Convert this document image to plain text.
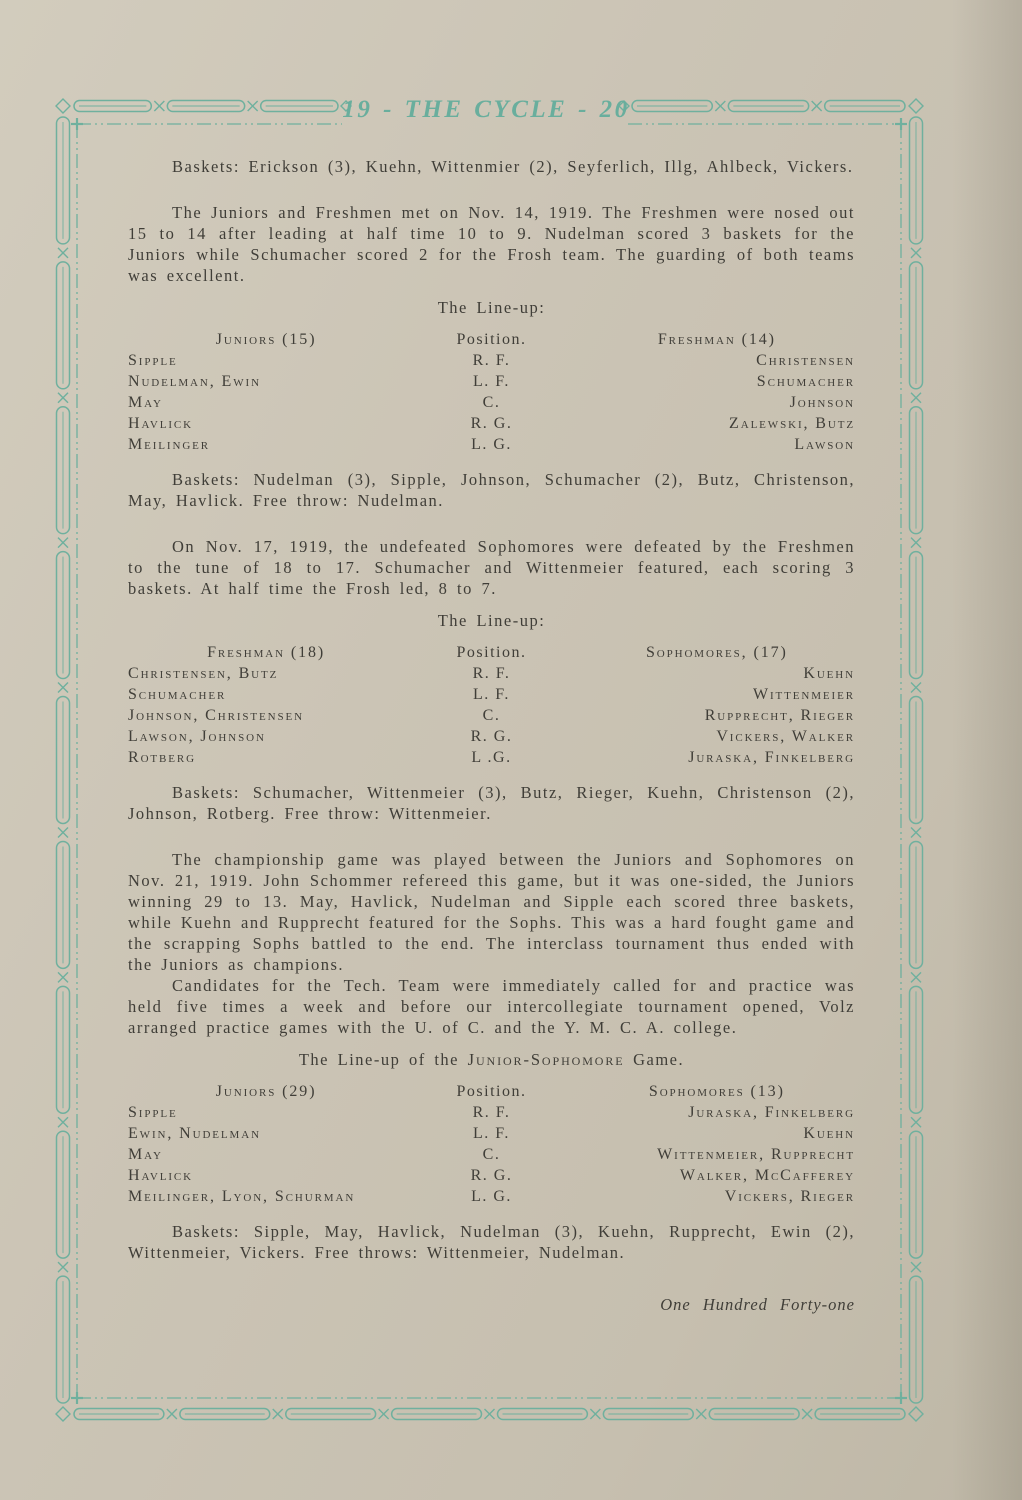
19 - THE CYCLE - 20

Baskets: Erickson (3), Kuehn, Wittenmier (2), Seyferlich, Illg, Ahlbeck, Vickers.

The Juniors and Freshmen met on Nov. 14, 1919. The Freshmen were nosed out 15 to 14 after leading at half time 10 to 9. Nudelman scored 3 baskets for the Juniors while Schumacher scored 2 for the Frosh team. The guarding of both teams was excellent.

The Line-up:
Juniors (15)	Position.	Freshman (14)
Sipple	R. F.	Christensen
Nudelman, Ewin	L. F.	Schumacher
May	C.	Johnson
Havlick	R. G.	Zalewski, Butz
Meilinger	L. G.	Lawson

Baskets: Nudelman (3), Sipple, Johnson, Schumacher (2), Butz, Christenson, May, Havlick. Free throw: Nudelman.

On Nov. 17, 1919, the undefeated Sophomores were defeated by the Freshmen to the tune of 18 to 17. Schumacher and Wittenmeier featured, each scoring 3 baskets. At half time the Frosh led, 8 to 7.

The Line-up:
Freshman (18)	Position.	Sophomores, (17)
Christensen, Butz	R. F.	Kuehn
Schumacher	L. F.	Wittenmeier
Johnson, Christensen	C.	Rupprecht, Rieger
Lawson, Johnson	R. G.	Vickers, Walker
Rotberg	L .G.	Juraska, Finkelberg

Baskets: Schumacher, Wittenmeier (3), Butz, Rieger, Kuehn, Christenson (2), Johnson, Rotberg. Free throw: Wittenmeier.

The championship game was played between the Juniors and Sophomores on Nov. 21, 1919. John Schommer refereed this game, but it was one-sided, the Juniors winning 29 to 13. May, Havlick, Nudelman and Sipple each scored three baskets, while Kuehn and Rupprecht featured for the Sophs. This was a hard fought game and the scrapping Sophs battled to the end. The interclass tournament thus ended with the Juniors as champions.

Candidates for the Tech. Team were immediately called for and practice was held five times a week and before our intercollegiate tournament opened, Volz arranged practice games with the U. of C. and the Y. M. C. A. college.

The Line-up of the Junior-Sophomore Game.
Juniors (29)	Position.	Sophomores (13)
Sipple	R. F.	Juraska, Finkelberg
Ewin, Nudelman	L. F.	Kuehn
May	C.	Wittenmeier, Rupprecht
Havlick	R. G.	Walker, McCafferey
Meilinger, Lyon, Schurman	L. G.	Vickers, Rieger

Baskets: Sipple, May, Havlick, Nudelman (3), Kuehn, Rupprecht, Ewin (2), Wittenmeier, Vickers. Free throws: Wittenmeier, Nudelman.

One Hundred Forty-one
